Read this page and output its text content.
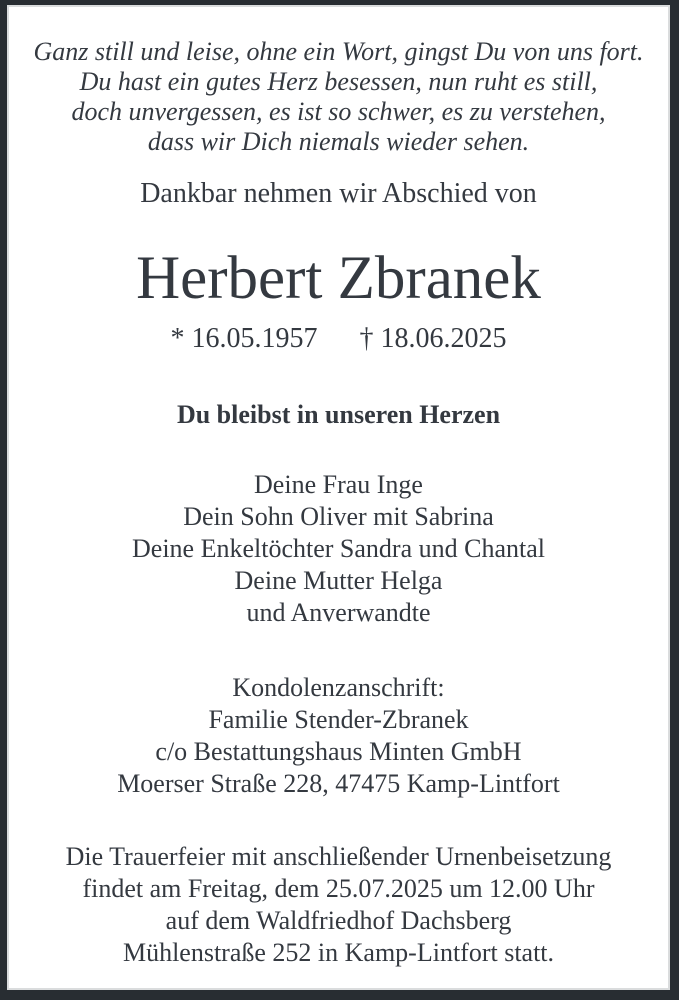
Ganz still und leise, ohne ein Wort, gingst Du von uns fort.
Du hast ein gutes Herz besessen, nun ruht es still,
doch unvergessen, es ist so schwer, es zu verstehen,
dass wir Dich niemals wieder sehen.
Dankbar nehmen wir Abschied von
Herbert Zbranek
* 16.05.1957 † 18.06.2025
Du bleibst in unseren Herzen
Deine Frau Inge
Dein Sohn Oliver mit Sabrina
Deine Enkeltöchter Sandra und Chantal
Deine Mutter Helga
und Anverwandte
Kondolenzanschrift:
Familie Stender-Zbranek
c/o Bestattungshaus Minten GmbH
Moerser Straße 228, 47475 Kamp-Lintfort
Die Trauerfeier mit anschließender Urnenbeisetzung
findet am Freitag, dem 25.07.2025 um 12.00 Uhr
auf dem Waldfriedhof Dachsberg
Mühlenstraße 252 in Kamp-Lintfort statt.
